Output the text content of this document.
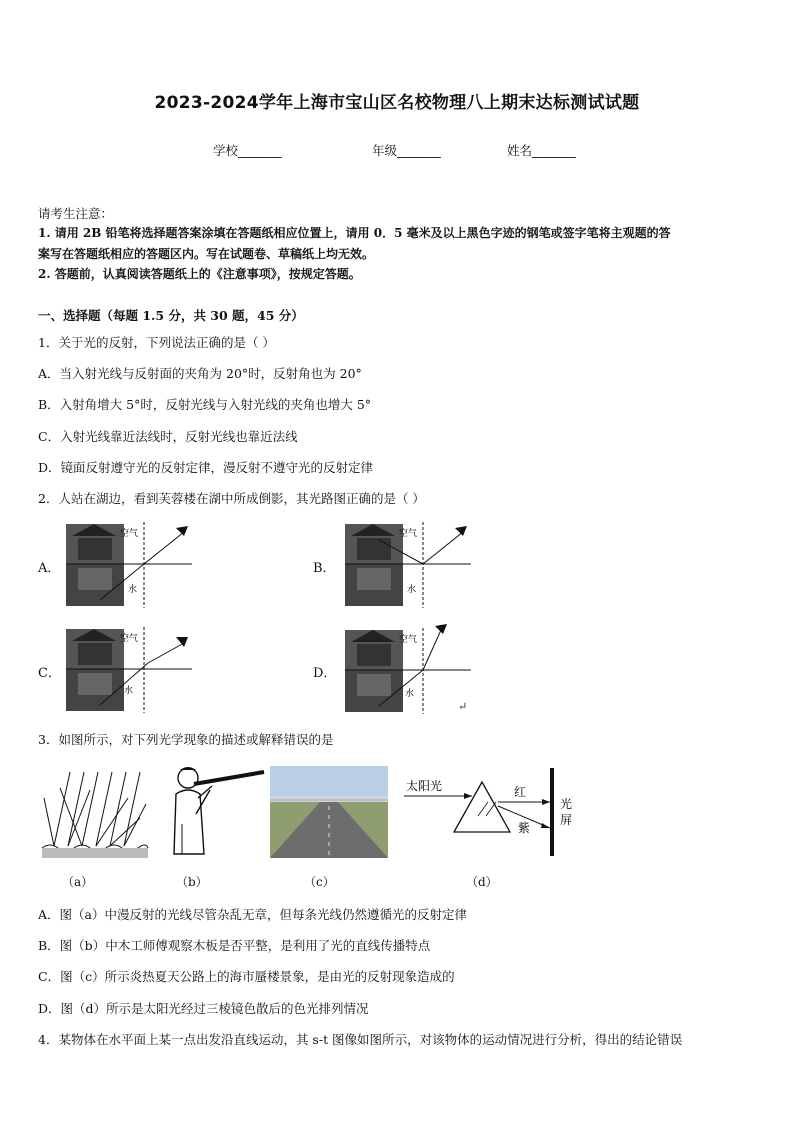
2023-2024学年上海市宝山区名校物理八上期末达标测试试题
学校_______	年级_______	姓名_______
请考生注意：
1. 请用 2B 铅笔将选择题答案涂填在答题纸相应位置上，请用 0．5 毫米及以上黑色字迹的钢笔或签字笔将主观题的答
案写在答题纸相应的答题区内。写在试题卷、草稿纸上均无效。
2. 答题前，认真阅读答题纸上的《注意事项》，按规定答题。
一、选择题（每题 1.5 分，共 30 题，45 分）
1．关于光的反射，下列说法正确的是（ ）
A．当入射光线与反射面的夹角为 20°时，反射角也为 20°
B．入射角增大 5°时，反射光线与入射光线的夹角也增大 5°
C．入射光线靠近法线时，反射光线也靠近法线
D．镜面反射遵守光的反射定律，漫反射不遵守光的反射定律
2．人站在湖边，看到芙蓉楼在湖中所成倒影，其光路图正确的是（ ）
A．	B．
C．	D．
空气
水
空气
水
空气
水
空气
水
↵
3．如图所示，对下列光学现象的描述或解释错误的是
太阳光	红
紫
光
屏
（a）	（b）	（c）	（d）
A．图（a）中漫反射的光线尽管杂乱无章，但每条光线仍然遵循光的反射定律
B．图（b）中木工师傅观察木板是否平整，是利用了光的直线传播特点
C．图（c）所示炎热夏天公路上的海市蜃楼景象，是由光的反射现象造成的
D．图（d）所示是太阳光经过三棱镜色散后的色光排列情况
4．某物体在水平面上某一点出发沿直线运动，其 s-t 图像如图所示，对该物体的运动情况进行分析，得出的结论错误
